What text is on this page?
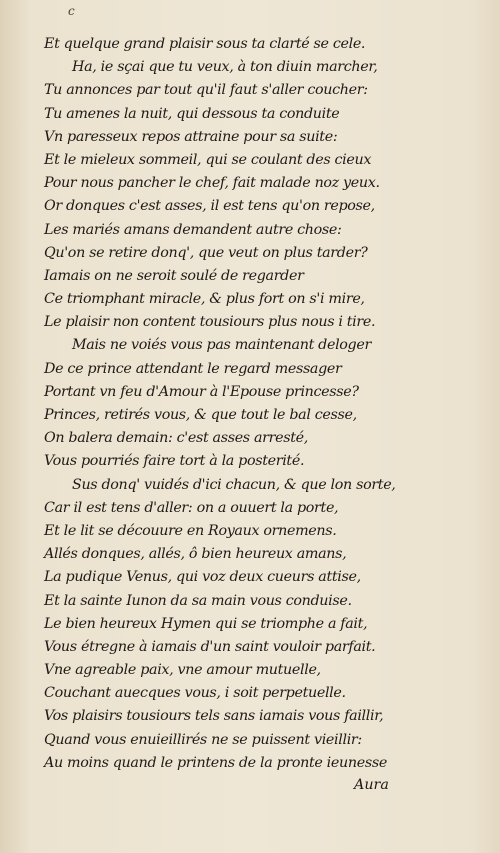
c
Et quelque grand plaisir sous ta clarté se cele.
Ha, ie sçai que tu veux, à ton diuin marcher,
Tu annonces par tout qu'il faut s'aller coucher:
Tu amenes la nuit, qui dessous ta conduite
Vn paresseux repos attraine pour sa suite:
Et le mieleux sommeil, qui se coulant des cieux
Pour nous pancher le chef, fait malade noz yeux.
Or donques c'est asses, il est tens qu'on repose,
Les mariés amans demandent autre chose:
Qu'on se retire donq', que veut on plus tarder?
Iamais on ne seroit soulé de regarder
Ce triomphant miracle, & plus fort on s'i mire,
Le plaisir non content tousiours plus nous i tire.
Mais ne voiés vous pas maintenant deloger
De ce prince attendant le regard messager
Portant vn feu d'Amour à l'Epouse princesse?
Princes, retirés vous, & que tout le bal cesse,
On balera demain: c'est asses arresté,
Vous pourriés faire tort à la posterité.
Sus donq' vuidés d'ici chacun, & que lon sorte,
Car il est tens d'aller: on a ouuert la porte,
Et le lit se découure en Royaux ornemens.
Allés donques, allés, ô bien heureux amans,
La pudique Venus, qui voz deux cueurs attise,
Et la sainte Iunon da sa main vous conduise.
Le bien heureux Hymen qui se triomphe a fait,
Vous étregne à iamais d'un saint vouloir parfait.
Vne agreable paix, vne amour mutuelle,
Couchant auecques vous, i soit perpetuelle.
Vos plaisirs tousiours tels sans iamais vous faillir,
Quand vous enuieillirés ne se puissent vieillir:
Au moins quand le printens de la pronte ieunesse
Aura
